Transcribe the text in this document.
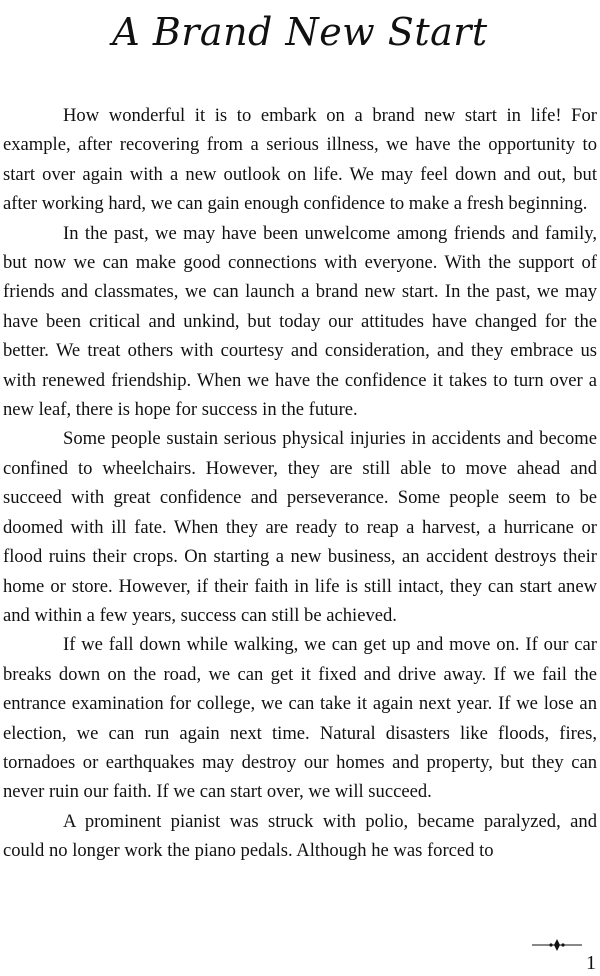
A Brand New Start

How wonderful it is to embark on a brand new start in life! For example, after recovering from a serious illness, we have the opportunity to start over again with a new outlook on life. We may feel down and out, but after working hard, we can gain enough confidence to make a fresh beginning.

In the past, we may have been unwelcome among friends and family, but now we can make good connections with everyone. With the support of friends and classmates, we can launch a brand new start. In the past, we may have been critical and unkind, but today our attitudes have changed for the better. We treat others with courtesy and consideration, and they embrace us with renewed friendship. When we have the confidence it takes to turn over a new leaf, there is hope for success in the future.

Some people sustain serious physical injuries in accidents and become confined to wheelchairs. However, they are still able to move ahead and succeed with great confidence and perseverance. Some people seem to be doomed with ill fate. When they are ready to reap a harvest, a hurricane or flood ruins their crops. On starting a new business, an accident destroys their home or store. However, if their faith in life is still intact, they can start anew and within a few years, success can still be achieved.

If we fall down while walking, we can get up and move on. If our car breaks down on the road, we can get it fixed and drive away. If we fail the entrance examination for college, we can take it again next year. If we lose an election, we can run again next time. Natural disasters like floods, fires, tornadoes or earthquakes may destroy our homes and property, but they can never ruin our faith. If we can start over, we will succeed.

A prominent pianist was struck with polio, became paralyzed, and could no longer work the piano pedals. Although he was forced to

1
